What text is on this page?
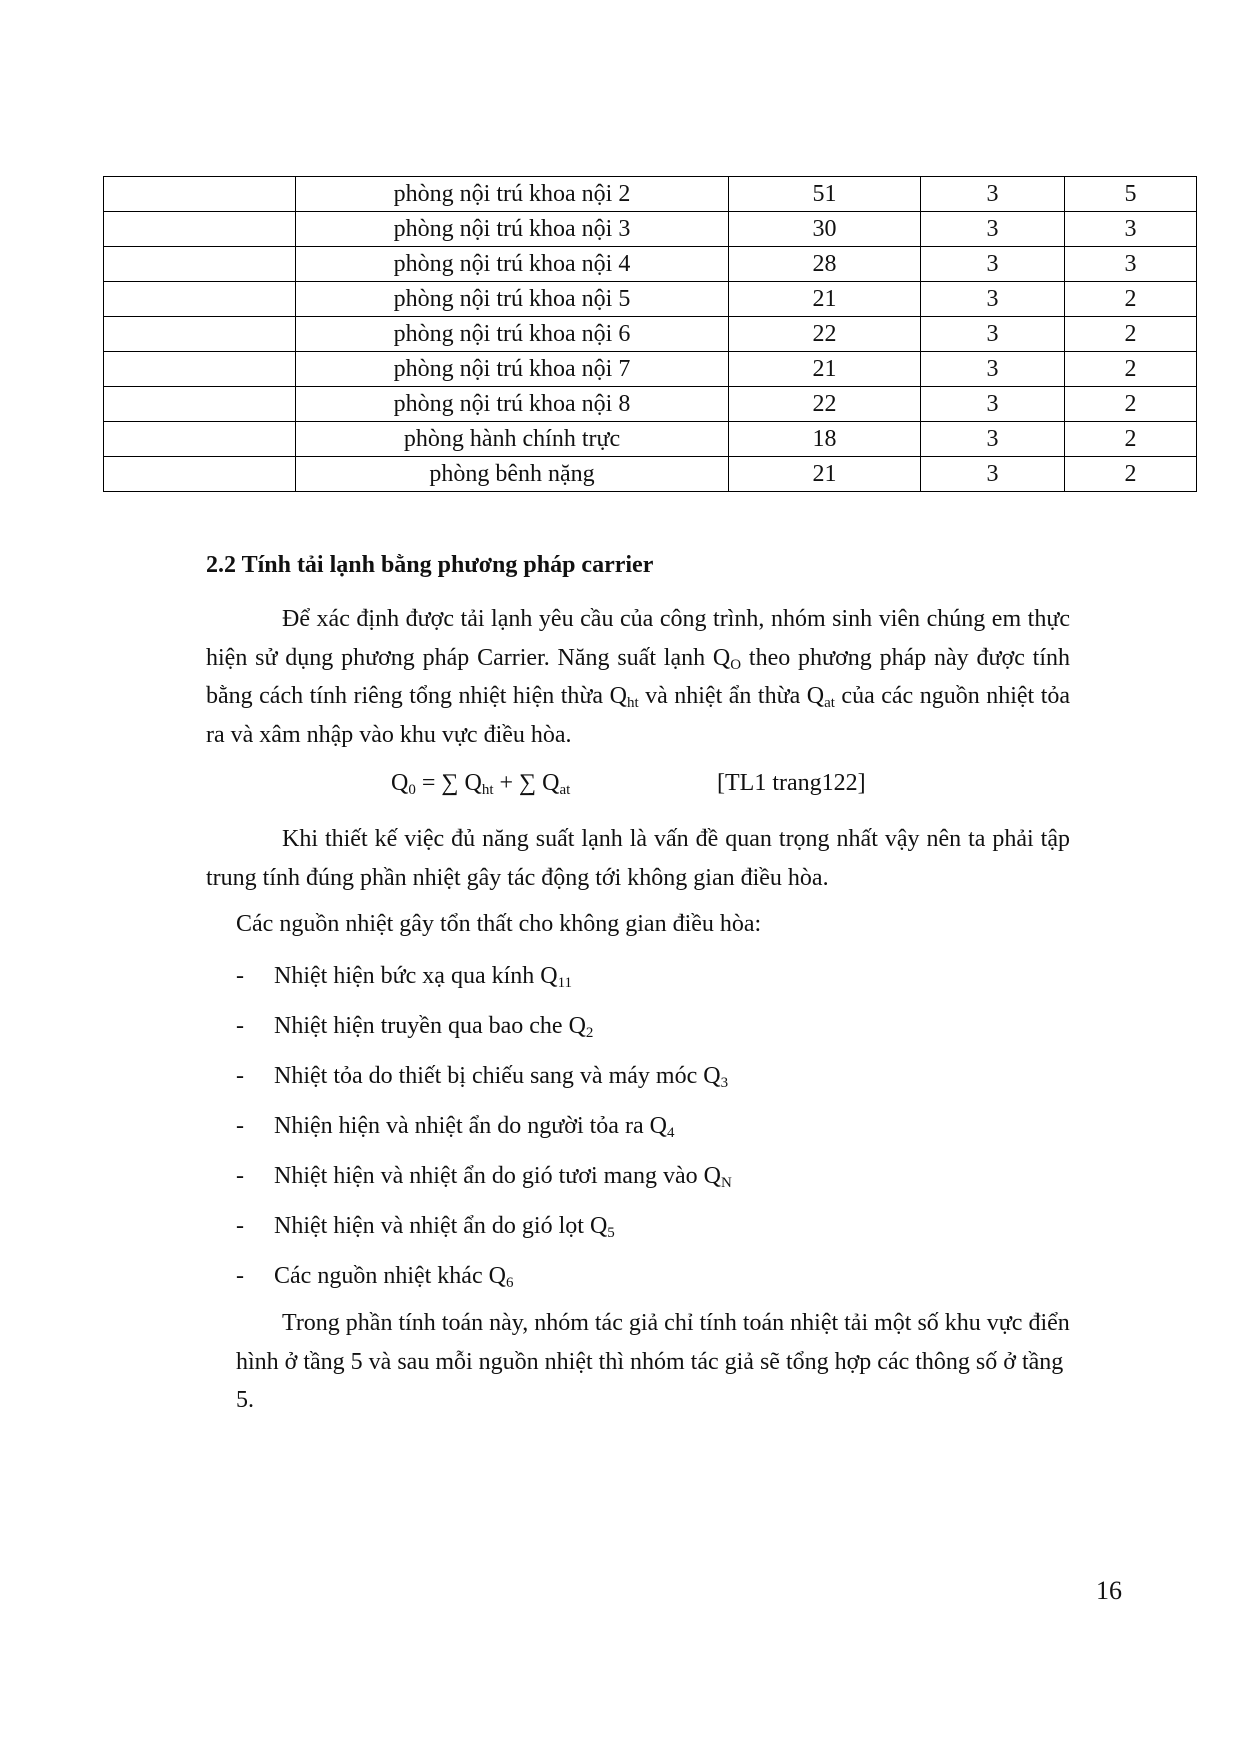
	phòng nội trú khoa nội 2	51	3	5
	phòng nội trú khoa nội 3	30	3	3
	phòng nội trú khoa nội 4	28	3	3
	phòng nội trú khoa nội 5	21	3	2
	phòng nội trú khoa nội 6	22	3	2
	phòng nội trú khoa nội 7	21	3	2
	phòng nội trú khoa nội 8	22	3	2
	phòng hành chính trực	18	3	2
	phòng bênh nặng	21	3	2
2.2 Tính tải lạnh bằng phương pháp carrier
Để xác định được tải lạnh yêu cầu của công trình, nhóm sinh viên chúng em thực hiện sử dụng phương pháp Carrier. Năng suất lạnh $Q_O$ theo phương pháp này được tính bằng cách tính riêng tổng nhiệt hiện thừa $Q_{ht}$ và nhiệt ẩn thừa $Q_{at}$ của các nguồn nhiệt tỏa ra và xâm nhập vào khu vực điều hòa.
$Q_0$ = ∑ $Q_{ht}$ + ∑ $Q_{at}$	[TL1 trang122]
Khi thiết kế việc đủ năng suất lạnh là vấn đề quan trọng nhất vậy nên ta phải tập trung tính đúng phần nhiệt gây tác động tới không gian điều hòa.
Các nguồn nhiệt gây tổn thất cho không gian điều hòa:
- Nhiệt hiện bức xạ qua kính $Q_{11}$
- Nhiệt hiện truyền qua bao che $Q_2$
- Nhiệt tỏa do thiết bị chiếu sang và máy móc $Q_3$
- Nhiện hiện và nhiệt ẩn do người tỏa ra $Q_4$
- Nhiệt hiện và nhiệt ẩn do gió tươi mang vào $Q_N$
- Nhiệt hiện và nhiệt ẩn do gió lọt $Q_5$
- Các nguồn nhiệt khác $Q_6$
Trong phần tính toán này, nhóm tác giả chỉ tính toán nhiệt tải một số khu vực điển hình ở tầng 5 và sau mỗi nguồn nhiệt thì nhóm tác giả sẽ tổng hợp các thông số ở tầng 5.
16
